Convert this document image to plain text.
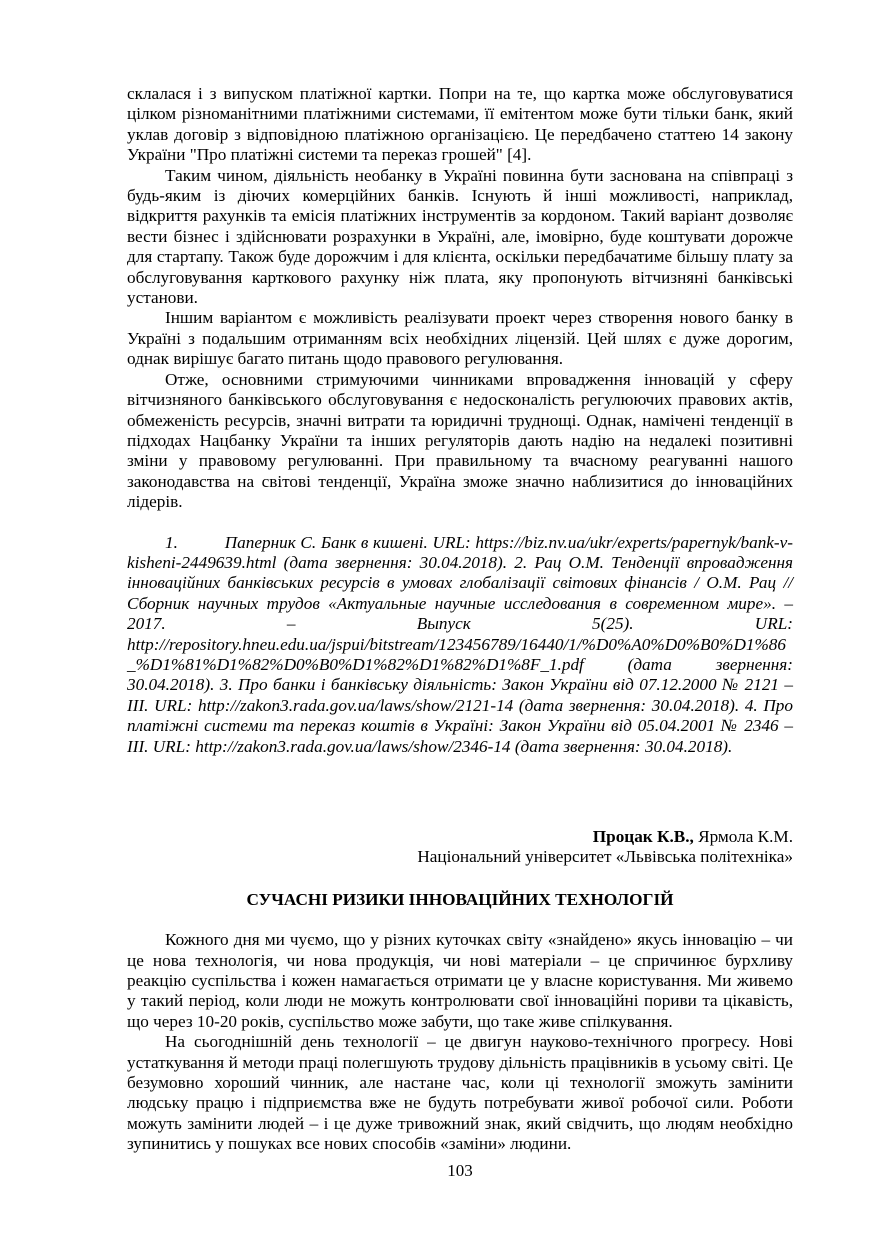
склалася і з випуском платіжної картки. Попри на те, що картка може обслуговуватися цілком різноманітними платіжними системами, її емітентом може бути тільки банк, який уклав договір з відповідною платіжною організацією. Це передбачено статтею 14 закону України "Про платіжні системи та переказ грошей" [4].

Таким чином, діяльність необанку в Україні повинна бути заснована на співпраці з будь-яким із діючих комерційних банків. Існують й інші можливості, наприклад, відкриття рахунків та емісія платіжних інструментів за кордоном. Такий варіант дозволяє вести бізнес і здійснювати розрахунки в Україні, але, імовірно, буде коштувати дорожче для стартапу. Також буде дорожчим і для клієнта, оскільки передбачатиме більшу плату за обслуговування карткового рахунку ніж плата, яку пропонують вітчизняні банківські установи.

Іншим варіантом є можливість реалізувати проект через створення нового банку в Україні з подальшим отриманням всіх необхідних ліцензій. Цей шлях є дуже дорогим, однак вирішує багато питань щодо правового регулювання.

Отже, основними стримуючими чинниками впровадження інновацій у сферу вітчизняного банківського обслуговування є недосконалість регулюючих правових актів, обмеженість ресурсів, значні витрати та юридичні труднощі. Однак, намічені тенденції в підходах Нацбанку України та інших регуляторів дають надію на недалекі позитивні зміни у правовому регулюванні. При правильному та вчасному реагуванні нашого законодавства на світові тенденції, Україна зможе значно наблизитися до інноваційних лідерів.

1.          Паперник С. Банк в кишені. URL: https://biz.nv.ua/ukr/experts/papernyk/bank-v-kisheni-2449639.html (дата звернення: 30.04.2018). 2. Рац О.М. Тенденції впровадження інноваційних банківських ресурсів в умовах глобалізації світових фінансів / О.М. Рац // Сборник научных трудов «Актуальные научные исследования в современном мире». – 2017. – Выпуск 5(25). URL: http://repository.hneu.edu.ua/jspui/bitstream/123456789/16440/1/%D0%A0%D0%B0%D1%86_%D1%81%D1%82%D0%B0%D1%82%D1%82%D1%8F_1.pdf (дата звернення: 30.04.2018). 3. Про банки і банківську діяльність: Закон України від 07.12.2000 № 2121 – III. URL: http://zakon3.rada.gov.ua/laws/show/2121-14 (дата звернення: 30.04.2018). 4. Про платіжні системи та переказ коштів в Україні: Закон України від 05.04.2001 № 2346 – III. URL: http://zakon3.rada.gov.ua/laws/show/2346-14 (дата звернення: 30.04.2018).

Процак К.В., Ярмола К.М.
Національний університет «Львівська політехніка»
СУЧАСНІ РИЗИКИ ІННОВАЦІЙНИХ ТЕХНОЛОГІЙ

Кожного дня ми чуємо, що у різних куточках світу «знайдено» якусь інновацію – чи це нова технологія, чи нова продукція, чи нові матеріали – це спричинює бурхливу реакцію суспільства і кожен намагається отримати це у власне користування. Ми живемо у такий період, коли люди не можуть контролювати свої інноваційні пориви та цікавість, що через 10-20 років, суспільство може забути, що таке живе спілкування.

На сьогоднішній день технології – це двигун науково-технічного прогресу. Нові устаткування й методи праці полегшують трудову дільність працівників в усьому світі. Це безумовно хороший чинник, але настане час, коли ці технології зможуть замінити людську працю і підприємства вже не будуть потребувати живої робочої сили. Роботи можуть замінити людей – і це дуже тривожний знак, який свідчить, що людям необхідно зупинитись у пошуках все нових способів «заміни» людини.

103
